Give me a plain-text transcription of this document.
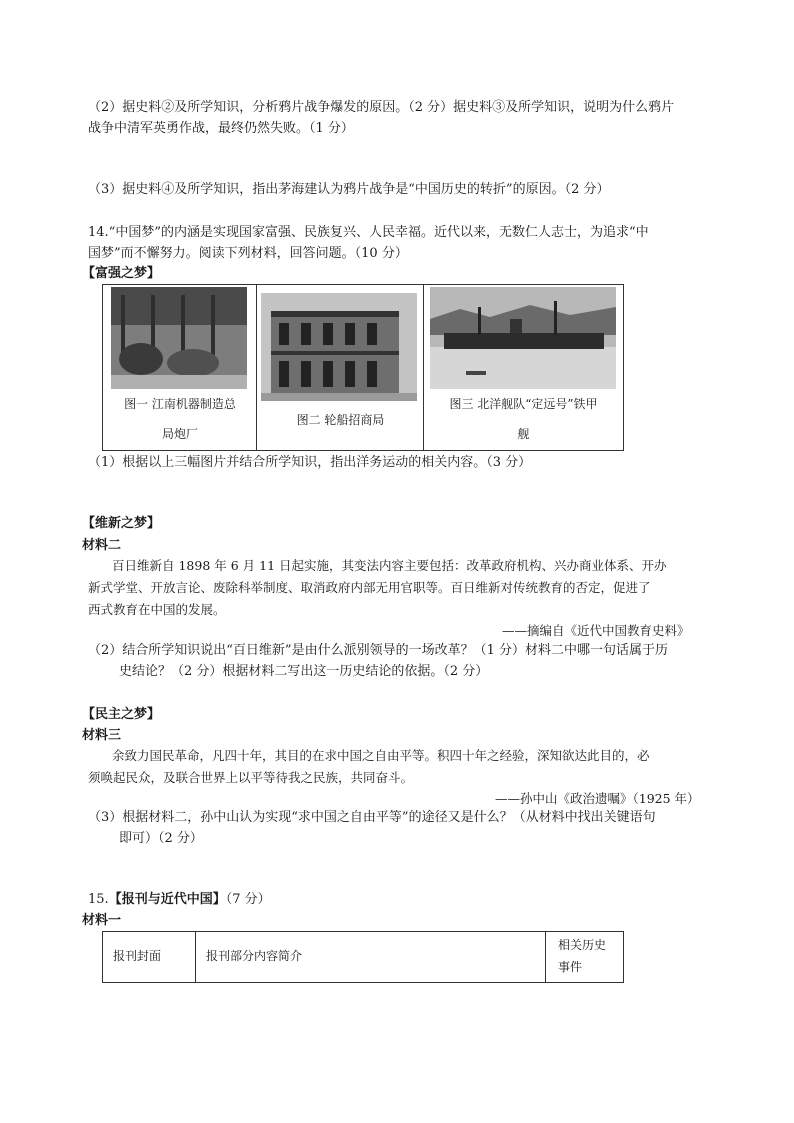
（2）据史料②及所学知识，分析鸦片战争爆发的原因。（2 分）据史料③及所学知识，说明为什么鸦片
战争中清军英勇作战，最终仍然失败。（1 分）
（3）据史料④及所学知识，指出茅海建认为鸦片战争是“中国历史的转折”的原因。（2 分）
14.“中国梦”的内涵是实现国家富强、民族复兴、人民幸福。近代以来，无数仁人志士，为追求“中
国梦”而不懈努力。阅读下列材料，回答问题。（10 分）
【富强之梦】
图一 江南机器制造总
局炮厂
图二 轮船招商局
图三 北洋舰队“定远号”铁甲
舰
（1）根据以上三幅图片并结合所学知识，指出洋务运动的相关内容。（3 分）
【维新之梦】
材料二
百日维新自 1898 年 6 月 11 日起实施，其变法内容主要包括：改革政府机构、兴办商业体系、开办
新式学堂、开放言论、废除科举制度、取消政府内部无用官职等。百日维新对传统教育的否定，促进了
西式教育在中国的发展。
——摘编自《近代中国教育史料》
（2）结合所学知识说出“百日维新”是由什么派别领导的一场改革？（1 分）材料二中哪一句话属于历
史结论？（2 分）根据材料二写出这一历史结论的依据。（2 分）
【民主之梦】
材料三
余致力国民革命，凡四十年，其目的在求中国之自由平等。积四十年之经验，深知欲达此目的，必
须唤起民众，及联合世界上以平等待我之民族，共同奋斗。
——孙中山《政治遗嘱》（1925 年）
（3）根据材料二，孙中山认为实现“求中国之自由平等”的途径又是什么？（从材料中找出关键语句
即可）（2 分）
15.【报刊与近代中国】（7 分）
材料一
报刊封面	报刊部分内容简介
相关历史
事件
